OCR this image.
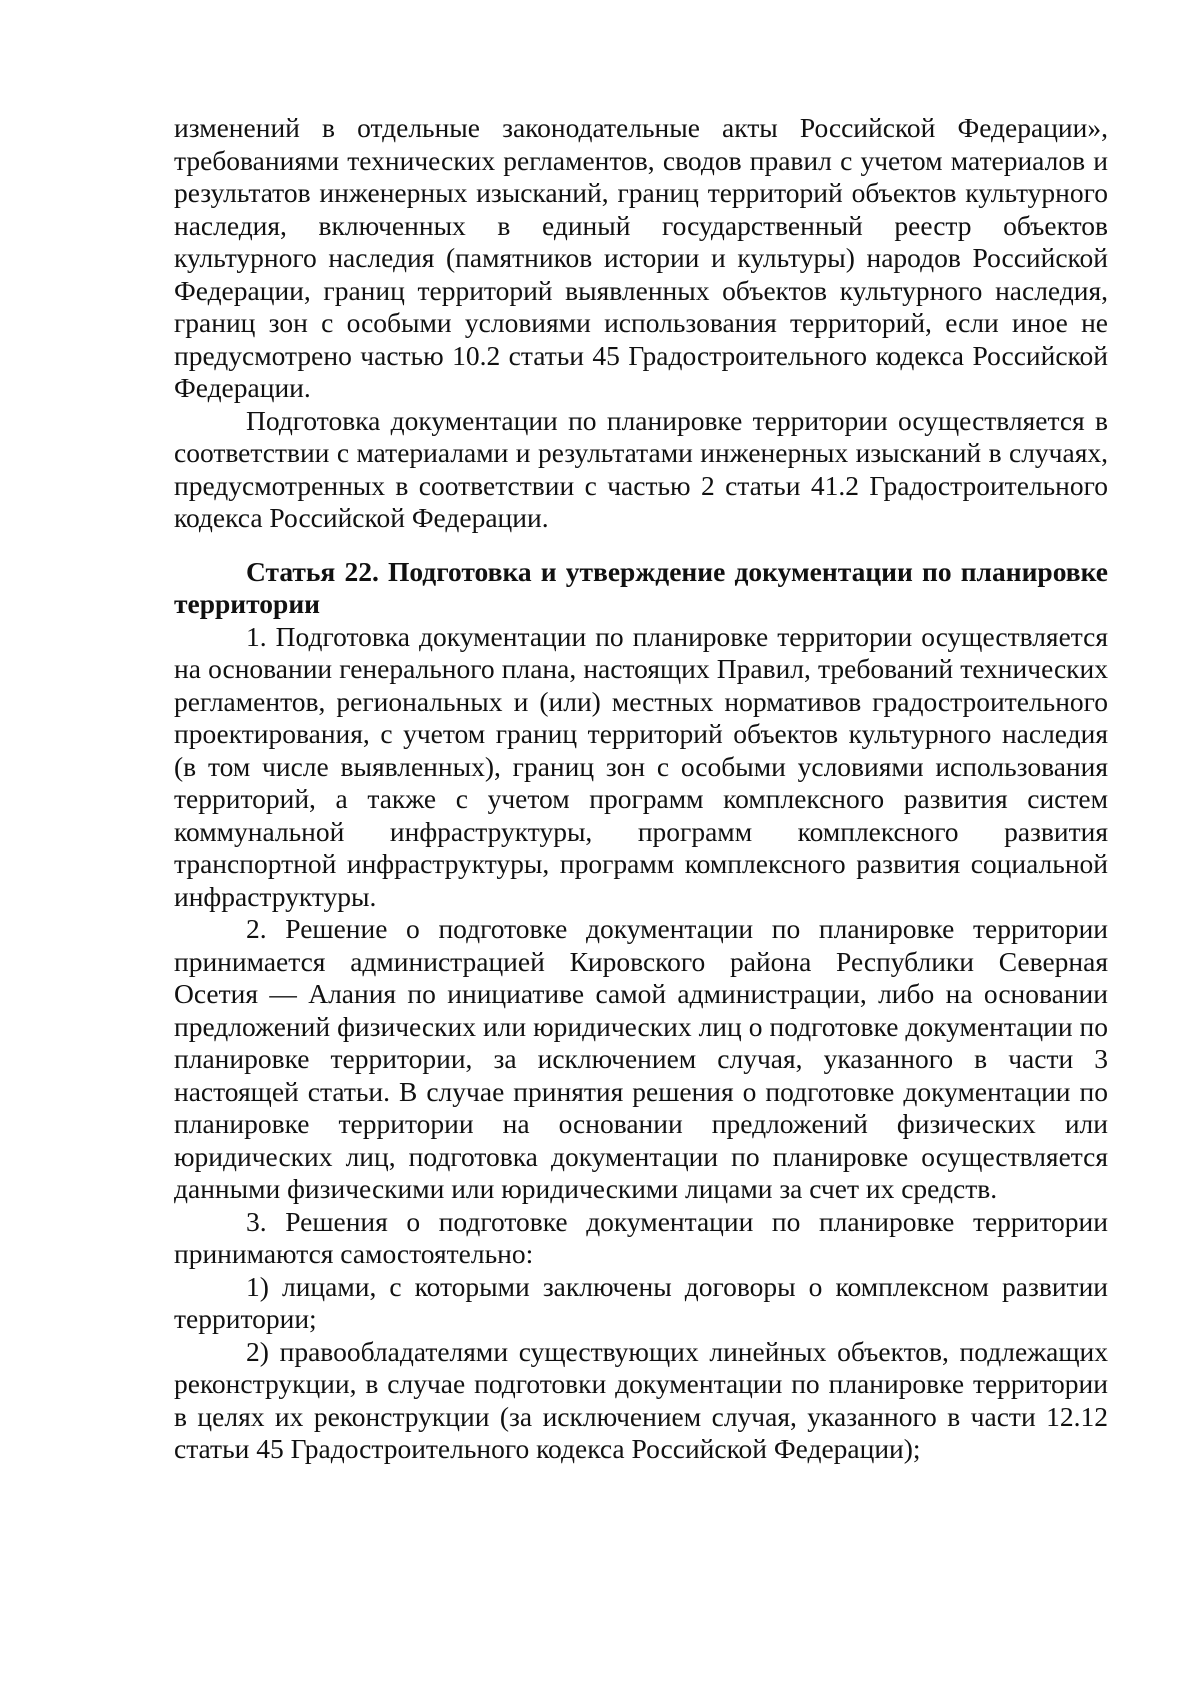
изменений в отдельные законодательные акты Российской Федерации», требованиями технических регламентов, сводов правил с учетом материалов и результатов инженерных изысканий, границ территорий объектов культурного наследия, включенных в единый государственный реестр объектов культурного наследия (памятников истории и культуры) народов Российской Федерации, границ территорий выявленных объектов культурного наследия, границ зон с особыми условиями использования территорий, если иное не предусмотрено частью 10.2 статьи 45 Градостроительного кодекса Российской Федерации.

Подготовка документации по планировке территории осуществляется в соответствии с материалами и результатами инженерных изысканий в случаях, предусмотренных в соответствии с частью 2 статьи 41.2 Градостроительного кодекса Российской Федерации.

Статья 22. Подготовка и утверждение документации по планировке территории

1. Подготовка документации по планировке территории осуществляется на основании генерального плана, настоящих Правил, требований технических регламентов, региональных и (или) местных нормативов градостроительного проектирования, с учетом границ территорий объектов культурного наследия (в том числе выявленных), границ зон с особыми условиями использования территорий, а также с учетом программ комплексного развития систем коммунальной инфраструктуры, программ комплексного развития транспортной инфраструктуры, программ комплексного развития социальной инфраструктуры.

2. Решение о подготовке документации по планировке территории принимается администрацией Кировского района Республики Северная Осетия — Алания по инициативе самой администрации, либо на основании предложений физических или юридических лиц о подготовке документации по планировке территории, за исключением случая, указанного в части 3 настоящей статьи. В случае принятия решения о подготовке документации по планировке территории на основании предложений физических или юридических лиц, подготовка документации по планировке осуществляется данными физическими или юридическими лицами за счет их средств.

3. Решения о подготовке документации по планировке территории принимаются самостоятельно:

1) лицами, с которыми заключены договоры о комплексном развитии территории;

2) правообладателями существующих линейных объектов, подлежащих реконструкции, в случае подготовки документации по планировке территории в целях их реконструкции (за исключением случая, указанного в части 12.12 статьи 45 Градостроительного кодекса Российской Федерации);
